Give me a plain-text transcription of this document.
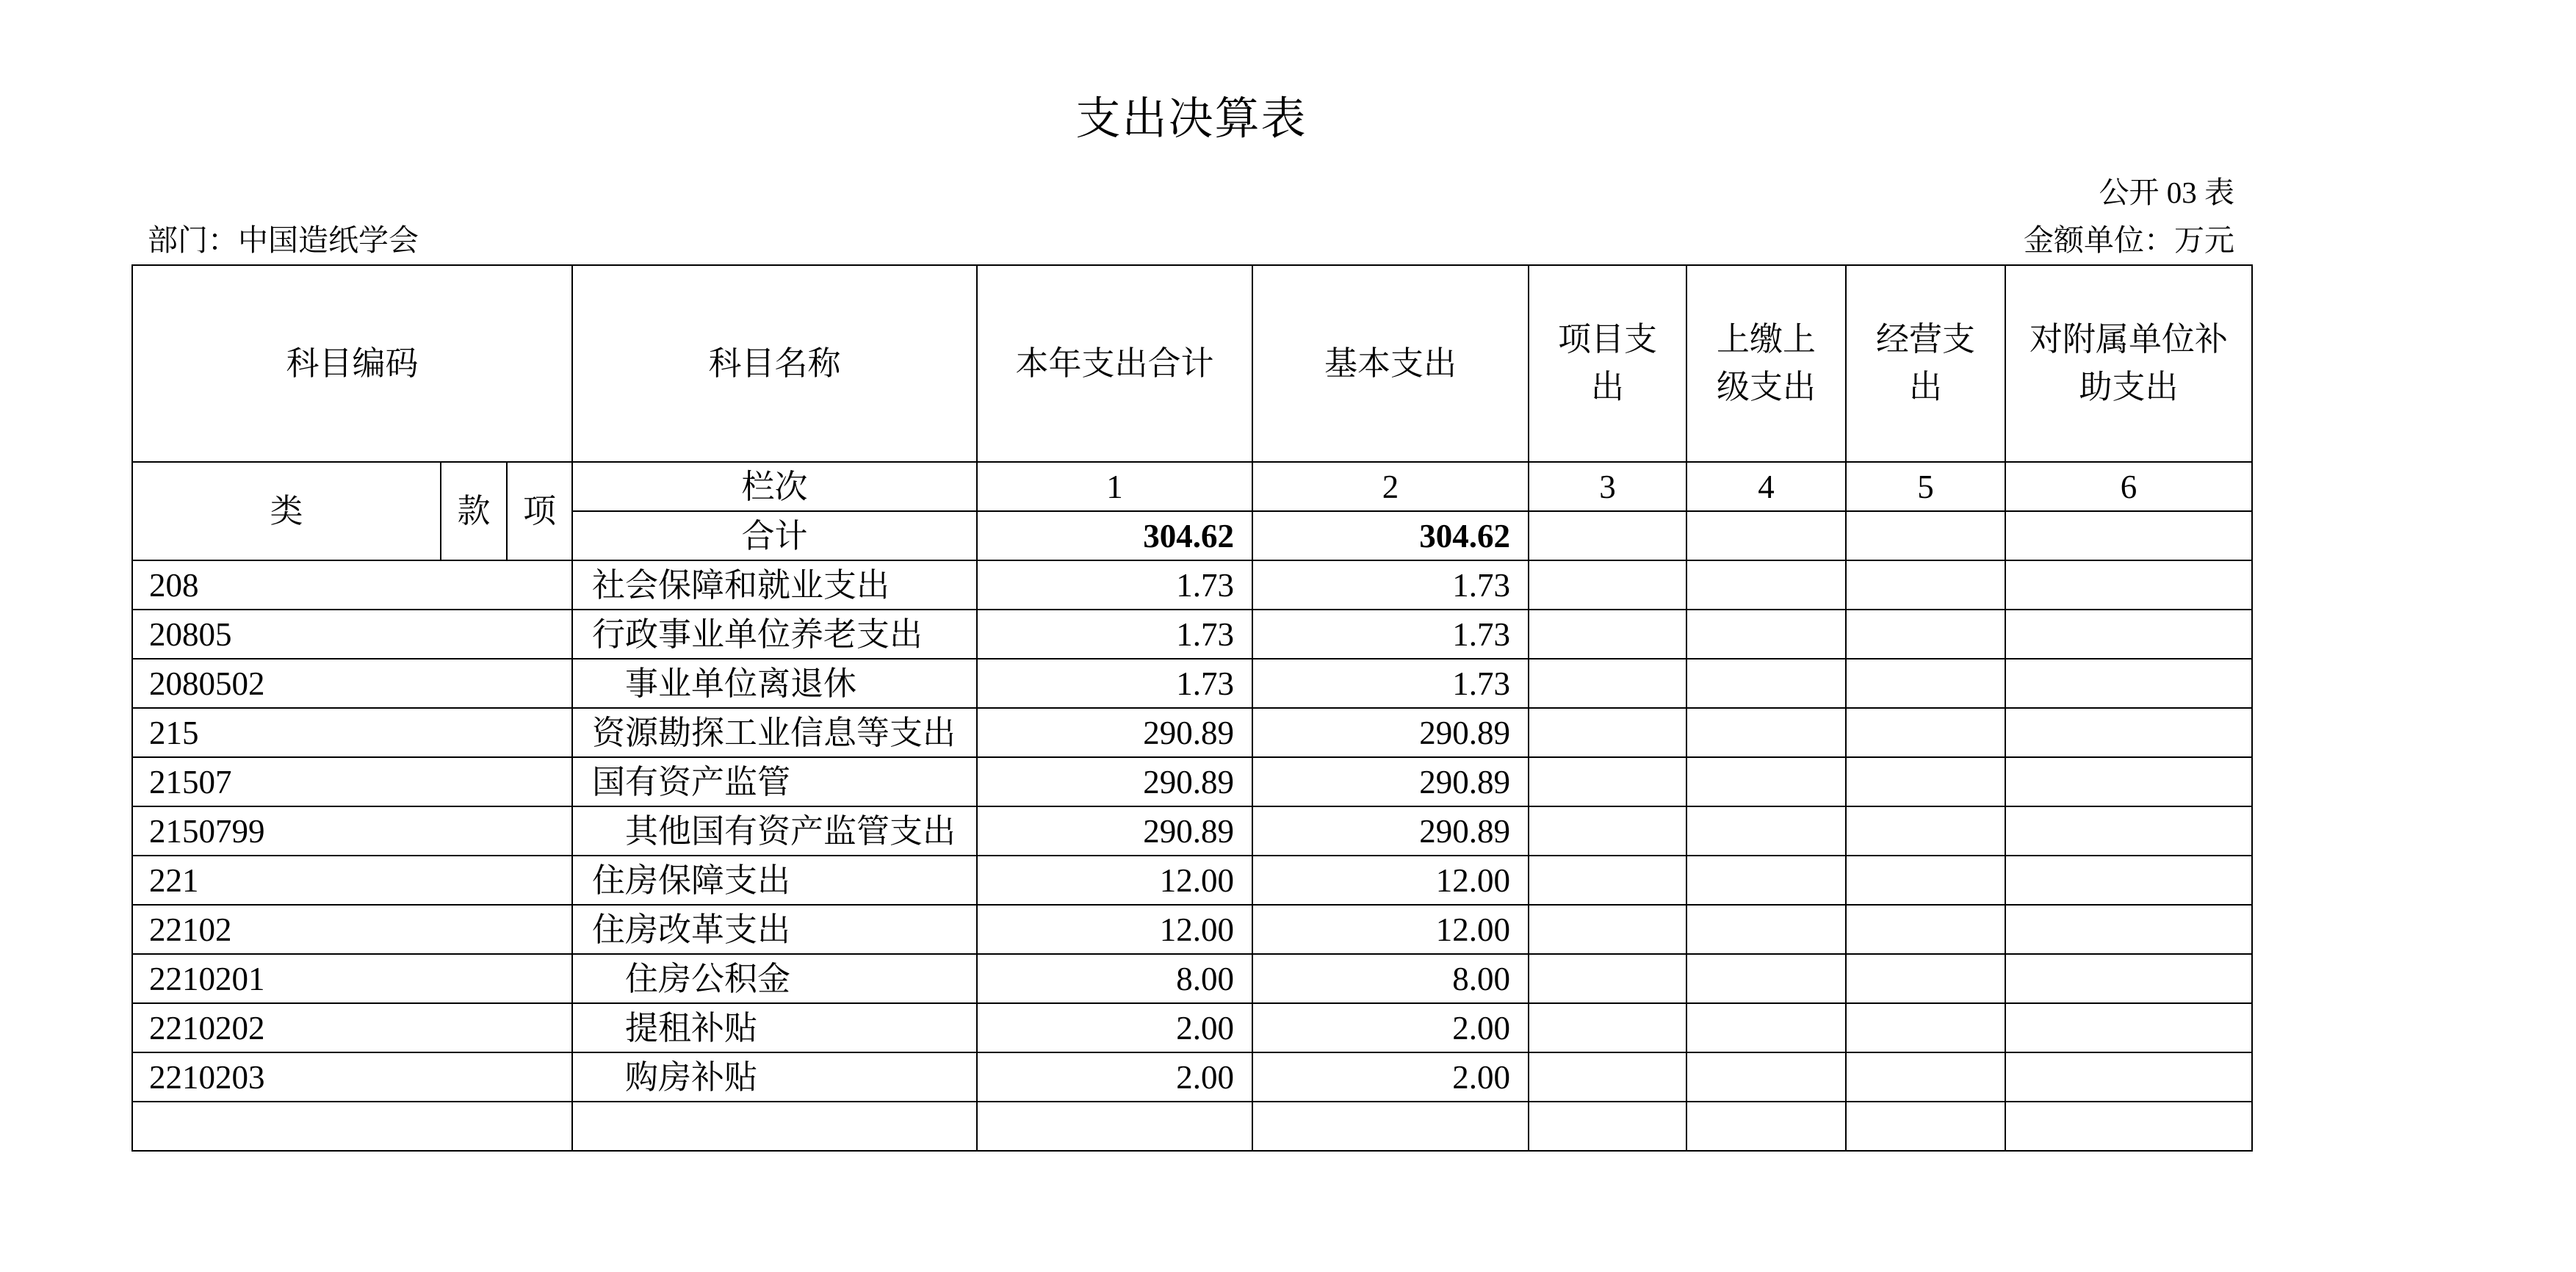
支出决算表
公开 03 表
部门：中国造纸学会	金额单位：万元
科目编码			科目名称	本年支出合计	基本支出	项目支出	上缴上级支出	经营支出	对附属单位补助支出
类	款	项	栏次	1	2	3	4	5	6
			合计	304.62	304.62				
208			社会保障和就业支出	1.73	1.73				
20805			行政事业单位养老支出	1.73	1.73				
2080502			事业单位离退休	1.73	1.73				
215			资源勘探工业信息等支出	290.89	290.89				
21507			国有资产监管	290.89	290.89				
2150799			其他国有资产监管支出	290.89	290.89				
221			住房保障支出	12.00	12.00				
22102			住房改革支出	12.00	12.00				
2210201			住房公积金	8.00	8.00				
2210202			提租补贴	2.00	2.00				
2210203			购房补贴	2.00	2.00				
